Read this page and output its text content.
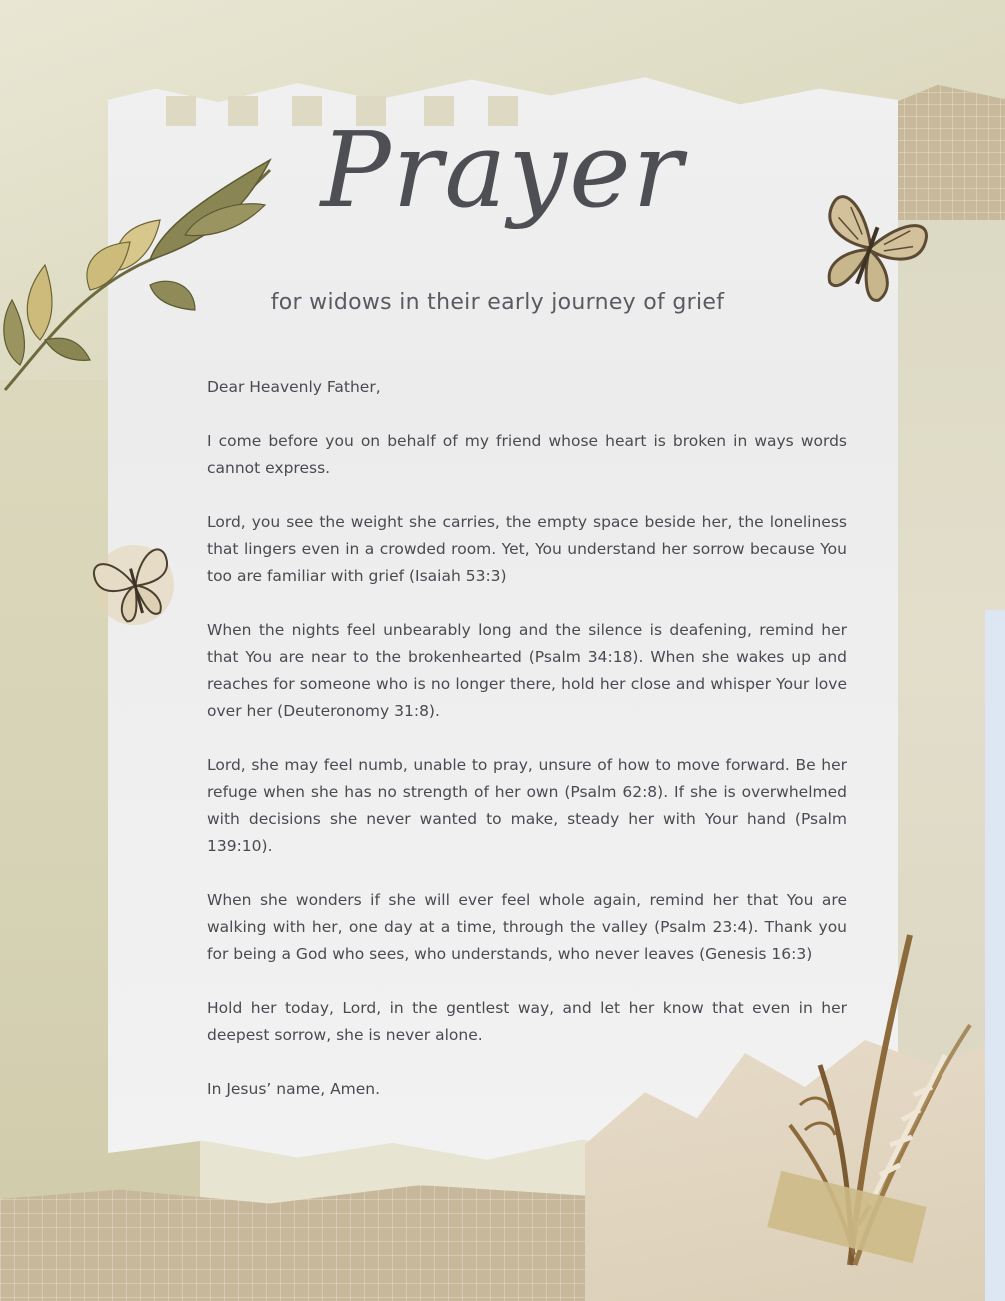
Prayer
for widows in their early journey of grief

Dear Heavenly Father,

I come before you on behalf of my friend whose heart is broken in ways words cannot express.

Lord, you see the weight she carries, the empty space beside her, the loneliness that lingers even in a crowded room. Yet, You understand her sorrow because You too are familiar with grief (Isaiah 53:3)

When the nights feel unbearably long and the silence is deafening, remind her that You are near to the brokenhearted (Psalm 34:18). When she wakes up and reaches for someone who is no longer there, hold her close and whisper Your love over her (Deuteronomy 31:8).

Lord, she may feel numb, unable to pray, unsure of how to move forward. Be her refuge when she has no strength of her own (Psalm 62:8). If she is overwhelmed with decisions she never wanted to make, steady her with Your hand (Psalm 139:10).

When she wonders if she will ever feel whole again, remind her that You are walking with her, one day at a time, through the valley (Psalm 23:4). Thank you for being a God who sees, who understands, who never leaves (Genesis 16:3)

Hold her today, Lord, in the gentlest way, and let her know that even in her deepest sorrow, she is never alone.

In Jesus’ name, Amen.
